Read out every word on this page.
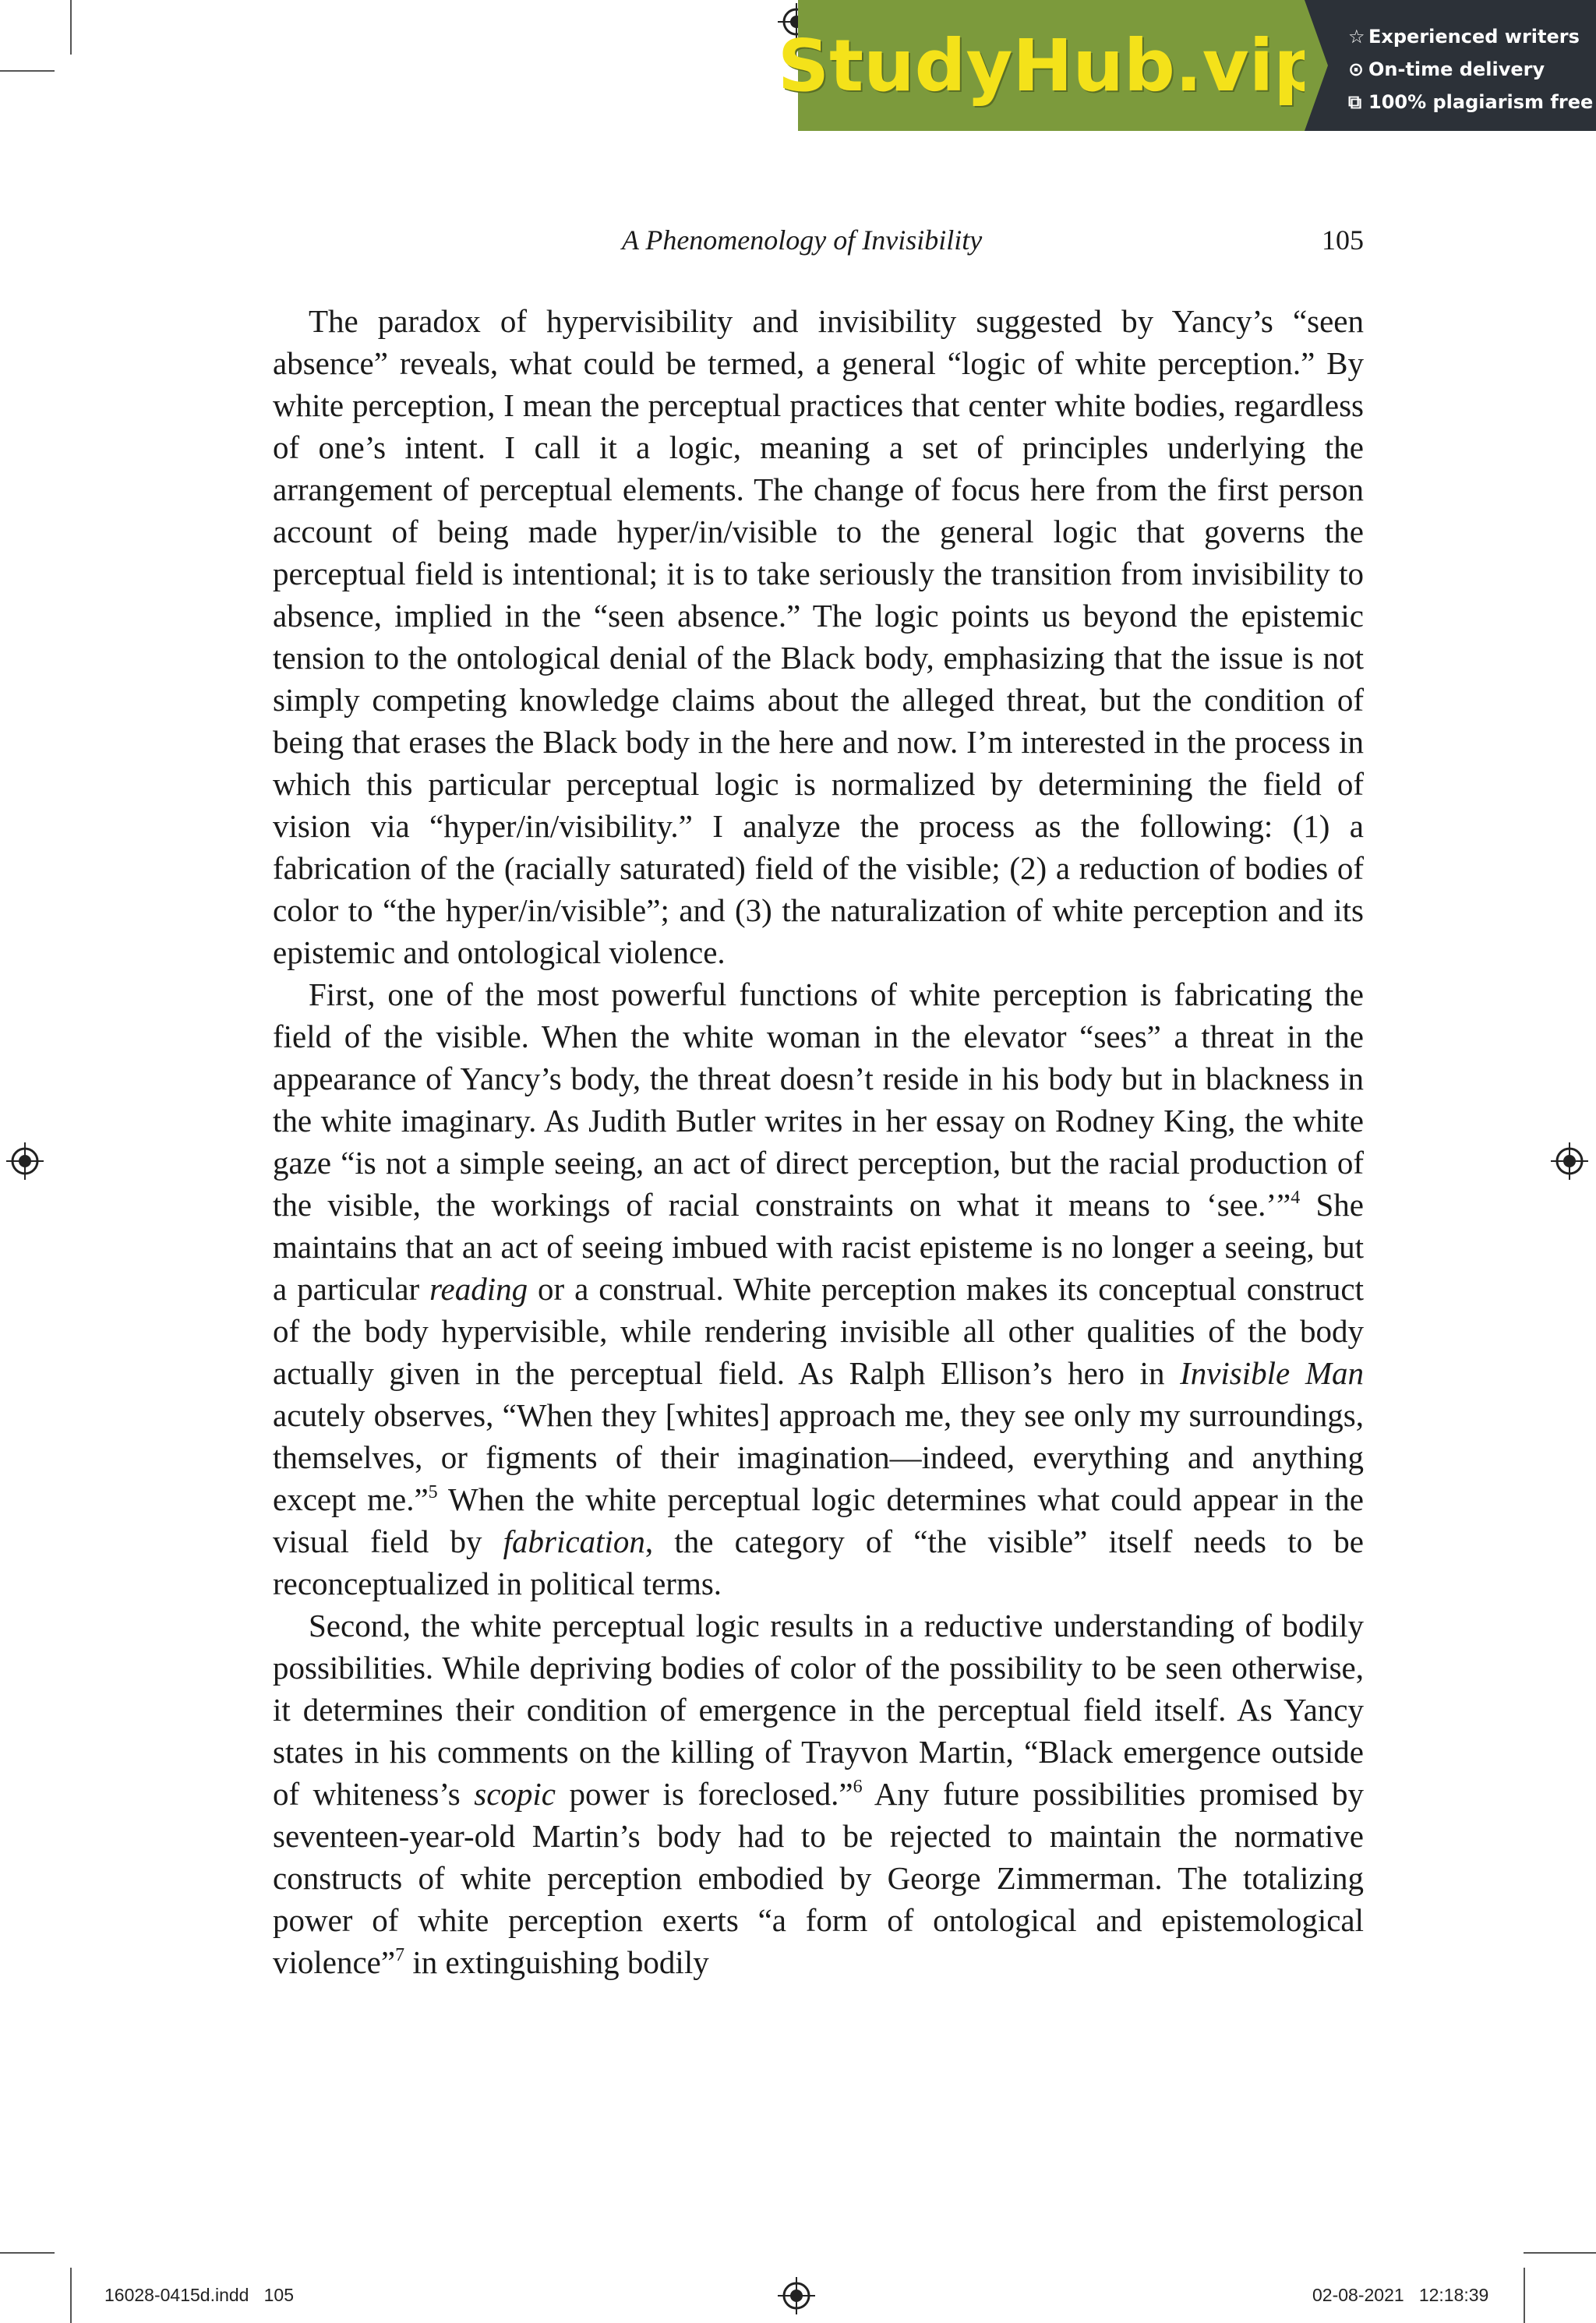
StudyHub.vip ☆ Experienced writers
⊙ On-time delivery
⧉ 100% plagiarism free
A Phenomenology of Invisibility	105

The paradox of hypervisibility and invisibility suggested by Yancy’s “seen absence” reveals, what could be termed, a general “logic of white perception.” By white perception, I mean the perceptual practices that center white bodies, regardless of one’s intent. I call it a logic, meaning a set of principles underlying the arrangement of perceptual elements. The change of focus here from the first person account of being made hyper/in/visible to the general logic that governs the perceptual field is intentional; it is to take seriously the transition from invisibility to absence, implied in the “seen absence.” The logic points us beyond the epistemic tension to the ontological denial of the Black body, emphasizing that the issue is not simply competing knowledge claims about the alleged threat, but the condition of being that erases the Black body in the here and now. I’m interested in the process in which this particular perceptual logic is normalized by determining the field of vision via “hyper/in/visibility.” I analyze the process as the following: (1) a fabrication of the (racially saturated) field of the visible; (2) a reduction of bodies of color to “the hyper/in/visible”; and (3) the naturalization of white perception and its epistemic and ontological violence.

First, one of the most powerful functions of white perception is fabricating the field of the visible. When the white woman in the elevator “sees” a threat in the appearance of Yancy’s body, the threat doesn’t reside in his body but in blackness in the white imaginary. As Judith Butler writes in her essay on Rodney King, the white gaze “is not a simple seeing, an act of direct perception, but the racial production of the visible, the workings of racial constraints on what it means to ‘see.’”$^4$ She maintains that an act of seeing imbued with racist episteme is no longer a seeing, but a particular reading or a construal. White perception makes its conceptual construct of the body hypervisible, while rendering invisible all other qualities of the body actually given in the perceptual field. As Ralph Ellison’s hero in Invisible Man acutely observes, “When they [whites] approach me, they see only my surroundings, themselves, or figments of their imagination—indeed, everything and anything except me.”$^5$ When the white perceptual logic determines what could appear in the visual field by fabrication, the category of “the visible” itself needs to be reconceptualized in political terms.

Second, the white perceptual logic results in a reductive understanding of bodily possibilities. While depriving bodies of color of the possibility to be seen otherwise, it determines their condition of emergence in the perceptual field itself. As Yancy states in his comments on the killing of Trayvon Martin, “Black emergence outside of whiteness’s scopic power is foreclosed.”$^6$ Any future possibilities promised by seventeen-year-old Martin’s body had to be rejected to maintain the normative constructs of white perception embodied by George Zimmerman. The totalizing power of white perception exerts “a form of ontological and epistemological violence”$^7$ in extinguishing bodily

16028-0415d.indd   105	02-08-2021   12:18:39
